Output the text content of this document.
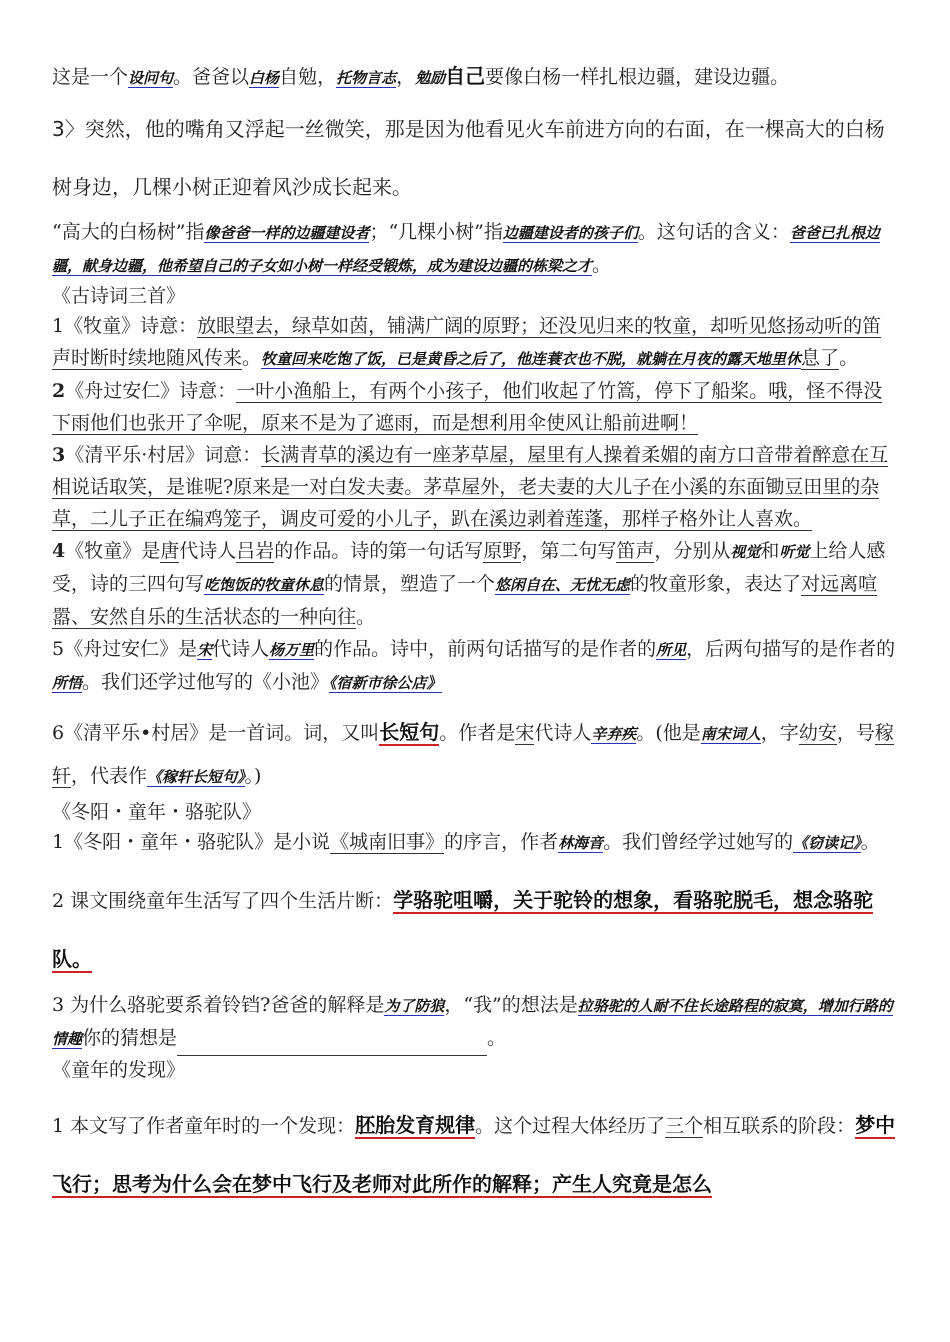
这是一个设问句。爸爸以白杨自勉，托物言志，勉励自己要像白杨一样扎根边疆，建设边疆。

3〉突然，他的嘴角又浮起一丝微笑，那是因为他看见火车前进方向的右面，在一棵高大的白杨树身边，几棵小树正迎着风沙成长起来。

“高大的白杨树”指像爸爸一样的边疆建设者；“几棵小树”指边疆建设者的孩子们。这句话的含义：爸爸已扎根边疆，献身边疆，他希望自己的子女如小树一样经受锻炼，成为建设边疆的栋梁之才。

《古诗词三首》

1《牧童》诗意：放眼望去，绿草如茵，铺满广阔的原野；还没见归来的牧童，却听见悠扬动听的笛声时断时续地随风传来。牧童回来吃饱了饭，已是黄昏之后了，他连蓑衣也不脱，就躺在月夜的露天地里休息了。

2《舟过安仁》诗意：一叶小渔船上，有两个小孩子，他们收起了竹篙，停下了船桨。哦，怪不得没下雨他们也张开了伞呢，原来不是为了遮雨，而是想利用伞使风让船前进啊！

3《清平乐·村居》词意：长满青草的溪边有一座茅草屋，屋里有人操着柔媚的南方口音带着醉意在互相说话取笑，是谁呢?原来是一对白发夫妻。茅草屋外，老夫妻的大儿子在小溪的东面锄豆田里的杂草，二儿子正在编鸡笼子，调皮可爱的小儿子，趴在溪边剥着莲蓬，那样子格外让人喜欢。

4《牧童》是唐代诗人吕岩的作品。诗的第一句话写原野，第二句写笛声，分别从视觉和听觉上给人感受，诗的三四句写吃饱饭的牧童休息的情景，塑造了一个悠闲自在、无忧无虑的牧童形象，表达了对远离喧嚣、安然自乐的生活状态的一种向往。

5《舟过安仁》是宋代诗人杨万里的作品。诗中，前两句话描写的是作者的所见，后两句描写的是作者的所悟。我们还学过他写的《小池》《宿新市徐公店》

6《清平乐•村居》是一首词。词，又叫长短句。作者是宋代诗人辛弃疾。(他是南宋词人，字幼安，号稼轩，代表作《稼轩长短句》。)

《冬阳・童年・骆驼队》

1《冬阳・童年・骆驼队》是小说《城南旧事》的序言，作者林海音。我们曾经学过她写的《窃读记》。

2 课文围绕童年生活写了四个生活片断：学骆驼咀嚼，关于驼铃的想象，看骆驼脱毛，想念骆驼队。

3 为什么骆驼要系着铃铛?爸爸的解释是为了防狼，“我”的想法是拉骆驼的人耐不住长途路程的寂寞，增加行路的情趣你的猜想是	。

《童年的发现》

1 本文写了作者童年时的一个发现：胚胎发育规律。这个过程大体经历了三个相互联系的阶段：梦中飞行；思考为什么会在梦中飞行及老师对此所作的解释；产生人究竟是怎么
